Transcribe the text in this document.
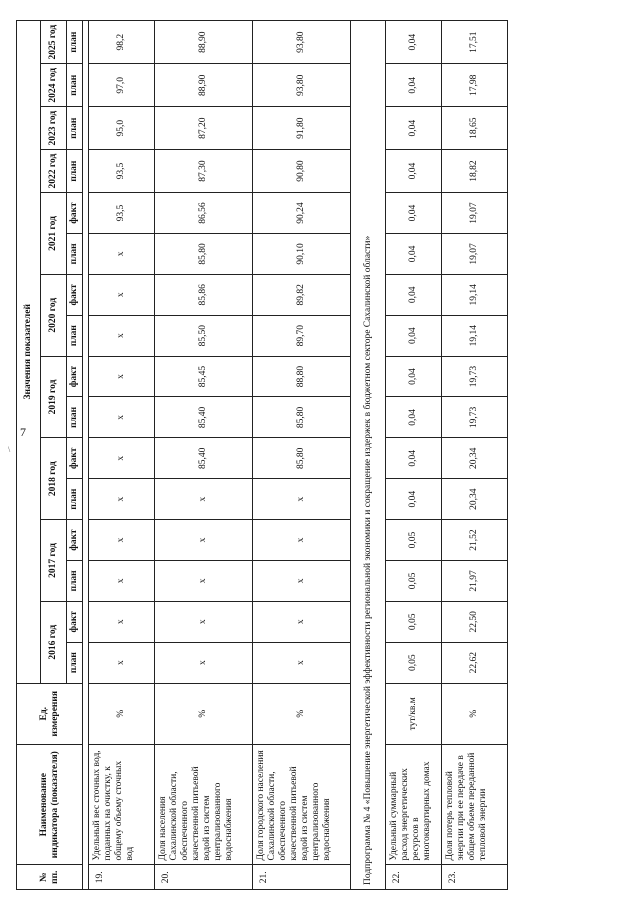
7
\
№ пп.	Наименование индикатора (показателя)	Ед. измерения	Значения показателей															
			2016 год		2017 год		2018 год		2019 год		2020 год		2021 год		2022 год	2023 год	2024 год	2025 год
			план	факт	план	факт	план	факт	план	факт	план	факт	план	факт	план	план	план	план

19.	Удельный вес сточных вод, поданных на очистку, к общему объему сточных вод	%	x	x	x	x	x	x	x	x	x	x	x	93,5	93,5	95,0	97,0	98,2
20.	Доля населения Сахалинской области, обеспеченного качественной питьевой водой из систем централизованного водоснабжения	%	x	x	x	x	x	85,40	85,40	85,45	85,50	85,86	85,80	86,56	87,30	87,20	88,90	88,90
21.	Доля городского населения Сахалинской области, обеспеченного качественной питьевой водой из систем централизованного водоснабжения	%	x	x	x	x	x	85,80	85,80	88,80	89,70	89,82	90,10	90,24	90,80	91,80	93,80	93,80
Подпрограмма № 4 «Повышение энергетической эффективности региональной экономики и сокращение издержек в бюджетном секторе Сахалинской области»																		
22.	Удельный суммарный расход энергетических ресурсов в многоквартирных домах	тут/кв.м	0,05	0,05	0,05	0,05	0,04	0,04	0,04	0,04	0,04	0,04	0,04	0,04	0,04	0,04	0,04	0,04
23.	Доля потерь тепловой энергии при ее передаче в общем объеме переданной тепловой энергии	%	22,62	22,50	21,97	21,52	20,34	20,34	19,73	19,73	19,14	19,14	19,07	19,07	18,82	18,65	17,98	17,51
